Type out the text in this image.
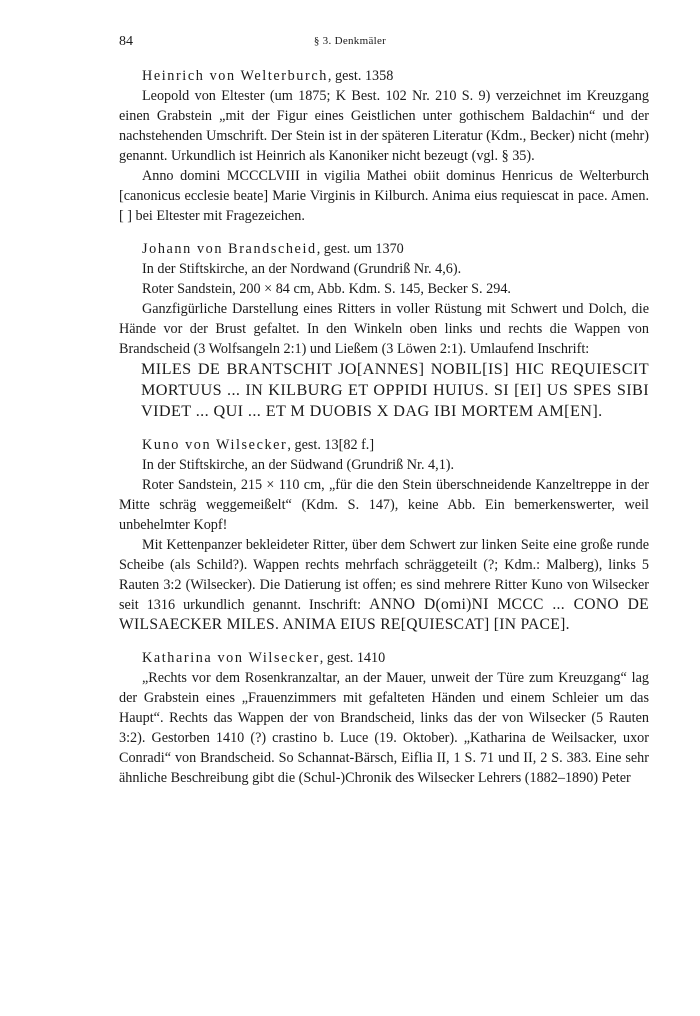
84	§ 3. Denkmäler

Heinrich von Welterburch, gest. 1358

Leopold von Eltester (um 1875; K Best. 102 Nr. 210 S. 9) verzeichnet im Kreuzgang einen Grabstein „mit der Figur eines Geistlichen unter gothischem Baldachin“ und der nachstehenden Umschrift. Der Stein ist in der späteren Literatur (Kdm., Becker) nicht (mehr) genannt. Urkundlich ist Heinrich als Kanoniker nicht bezeugt (vgl. § 35).

Anno domini MCCCLVIII in vigilia Mathei obiit dominus Henricus de Welterburch [canonicus ecclesie beate] Marie Virginis in Kilburch. Anima eius requiescat in pace. Amen. [ ] bei Eltester mit Fragezeichen.

Johann von Brandscheid, gest. um 1370

In der Stiftskirche, an der Nordwand (Grundriß Nr. 4,6).

Roter Sandstein, 200 × 84 cm, Abb. Kdm. S. 145, Becker S. 294.

Ganzfigürliche Darstellung eines Ritters in voller Rüstung mit Schwert und Dolch, die Hände vor der Brust gefaltet. In den Winkeln oben links und rechts die Wappen von Brandscheid (3 Wolfsangeln 2:1) und Ließem (3 Löwen 2:1). Umlaufend Inschrift:

MILES DE BRANTSCHIT JO[ANNES] NOBIL[IS] HIC REQUIESCIT MORTUUS ... IN KILBURG ET OPPIDI HUIUS. SI [EI] US SPES SIBI VIDET ... QUI ... ET M DUOBIS X DAG IBI MORTEM AM[EN].

Kuno von Wilsecker, gest. 13[82 f.]

In der Stiftskirche, an der Südwand (Grundriß Nr. 4,1).

Roter Sandstein, 215 × 110 cm, „für die den Stein überschneidende Kanzeltreppe in der Mitte schräg weggemeißelt“ (Kdm. S. 147), keine Abb. Ein bemerkenswerter, weil unbehelmter Kopf!

Mit Kettenpanzer bekleideter Ritter, über dem Schwert zur linken Seite eine große runde Scheibe (als Schild?). Wappen rechts mehrfach schräggeteilt (?; Kdm.: Malberg), links 5 Rauten 3:2 (Wilsecker). Die Datierung ist offen; es sind mehrere Ritter Kuno von Wilsecker seit 1316 urkundlich genannt. Inschrift: ANNO D(omi)NI MCCC ... CONO DE WILSAECKER MILES. ANIMA EIUS RE[QUIESCAT] [IN PACE].

Katharina von Wilsecker, gest. 1410

„Rechts vor dem Rosenkranzaltar, an der Mauer, unweit der Türe zum Kreuzgang“ lag der Grabstein eines „Frauenzimmers mit gefalteten Händen und einem Schleier um das Haupt“. Rechts das Wappen der von Brandscheid, links das der von Wilsecker (5 Rauten 3:2). Gestorben 1410 (?) crastino b. Luce (19. Oktober). „Katharina de Weilsacker, uxor Conradi“ von Brandscheid. So Schannat-Bärsch, Eiflia II, 1 S. 71 und II, 2 S. 383. Eine sehr ähnliche Beschreibung gibt die (Schul-)Chronik des Wilsecker Lehrers (1882–1890) Peter
